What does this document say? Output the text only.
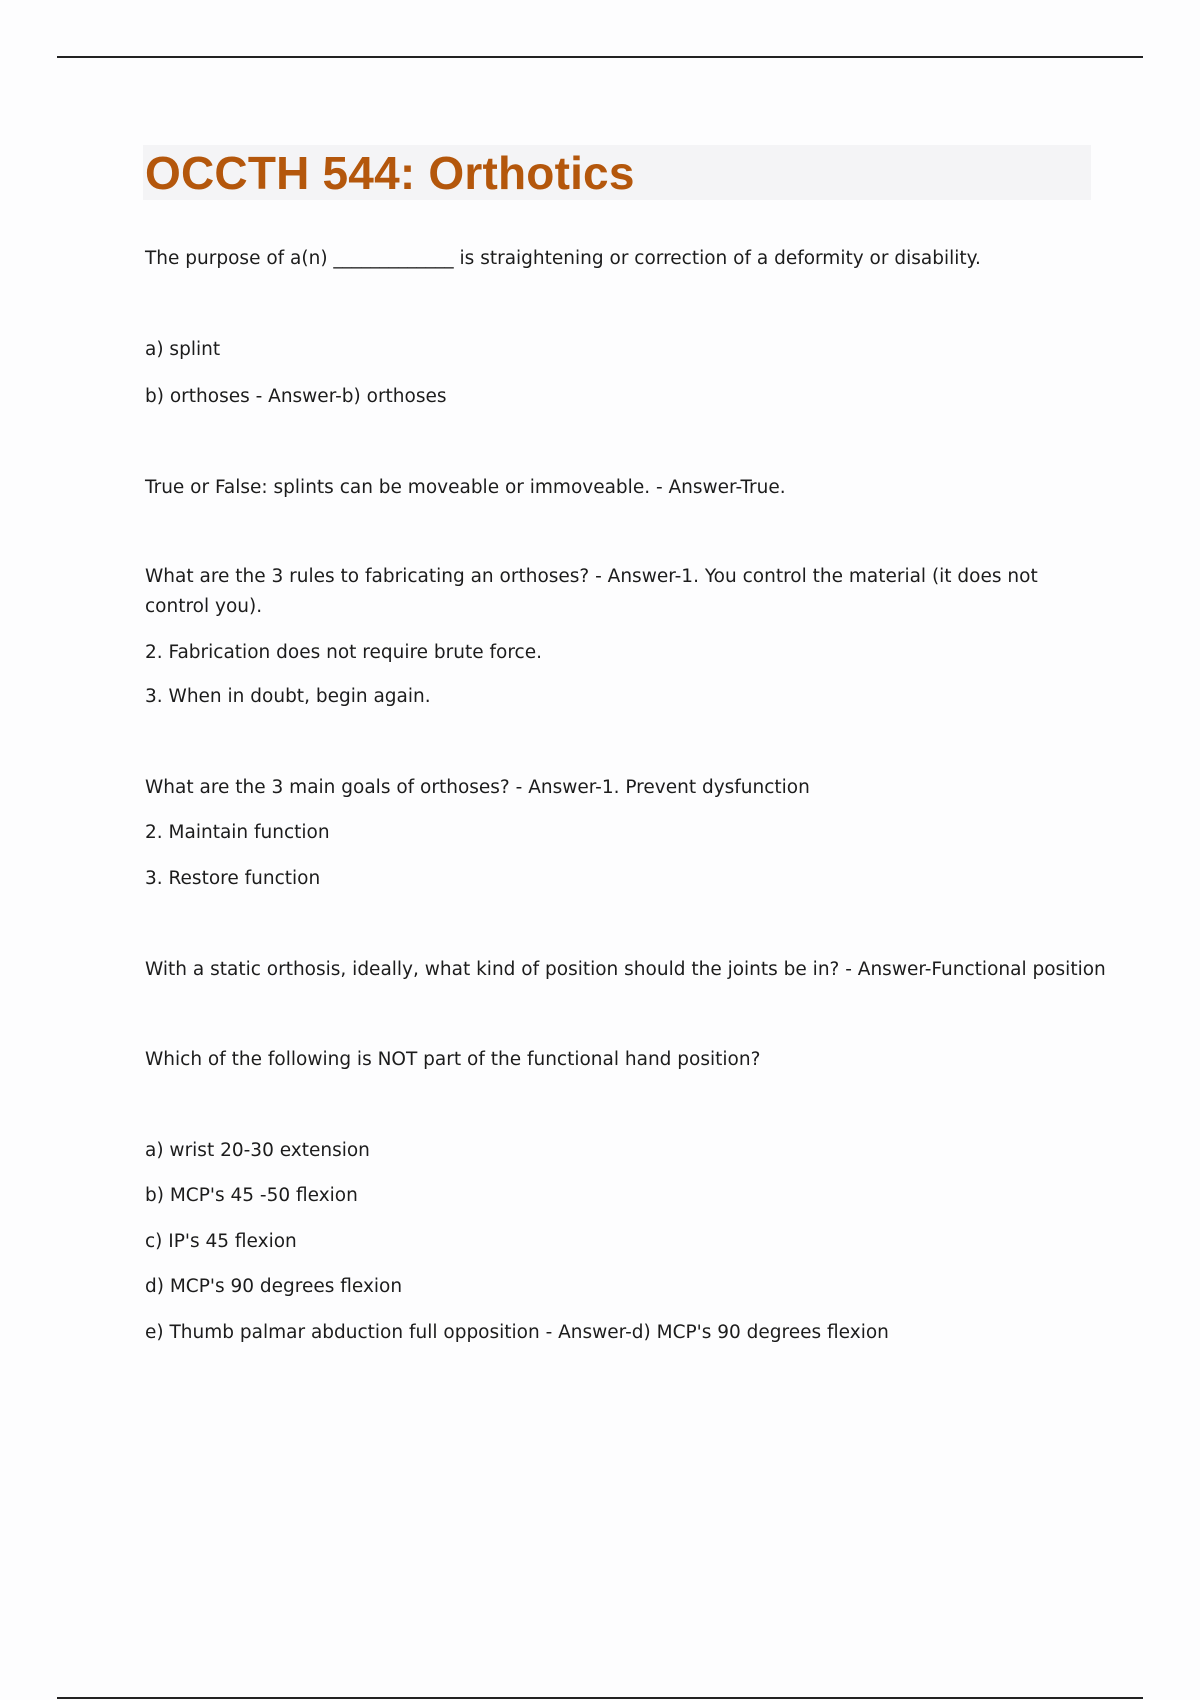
OCCTH 544: Orthotics
The purpose of a(n) _____________ is straightening or correction of a deformity or disability.
a) splint
b) orthoses - Answer-b) orthoses
True or False: splints can be moveable or immoveable. - Answer-True.
What are the 3 rules to fabricating an orthoses? - Answer-1. You control the material (it does not control you).
2. Fabrication does not require brute force.
3. When in doubt, begin again.
What are the 3 main goals of orthoses? - Answer-1. Prevent dysfunction
2. Maintain function
3. Restore function
With a static orthosis, ideally, what kind of position should the joints be in? - Answer-Functional position
Which of the following is NOT part of the functional hand position?
a) wrist 20-30 extension
b) MCP's 45 -50 flexion
c) IP's 45 flexion
d) MCP's 90 degrees flexion
e) Thumb palmar abduction full opposition - Answer-d) MCP's 90 degrees flexion
